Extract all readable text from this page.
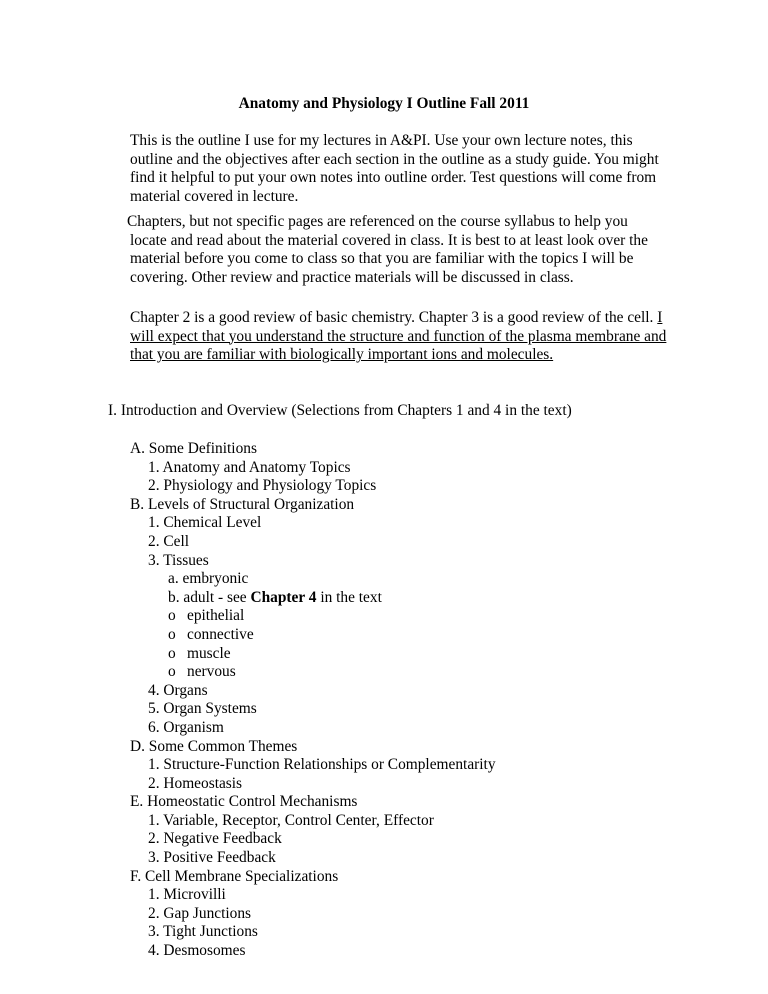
Anatomy and Physiology I Outline Fall 2011
This is the outline I use for my lectures in A&PI. Use your own lecture notes, this
outline and the objectives after each section in the outline as a study guide. You might
find it helpful to put your own notes into outline order. Test questions will come from
material covered in lecture.
Chapters, but not specific pages are referenced on the course syllabus to help you
locate and read about the material covered in class. It is best to at least look over the
material before you come to class so that you are familiar with the topics I will be
covering. Other review and practice materials will be discussed in class.
Chapter 2 is a good review of basic chemistry. Chapter 3 is a good review of the cell. I
will expect that you understand the structure and function of the plasma membrane and
that you are familiar with biologically important ions and molecules.
I. Introduction and Overview (Selections from Chapters 1 and 4 in the text)
A. Some Definitions
1. Anatomy and Anatomy Topics
2. Physiology and Physiology Topics
B. Levels of Structural Organization
1. Chemical Level
2. Cell
3. Tissues
a. embryonic
b. adult - see Chapter 4 in the text
o epithelial
o connective
o muscle
o nervous
4. Organs
5. Organ Systems
6. Organism
D. Some Common Themes
1. Structure-Function Relationships or Complementarity
2. Homeostasis
E. Homeostatic Control Mechanisms
1. Variable, Receptor, Control Center, Effector
2. Negative Feedback
3. Positive Feedback
F. Cell Membrane Specializations
1. Microvilli
2. Gap Junctions
3. Tight Junctions
4. Desmosomes
